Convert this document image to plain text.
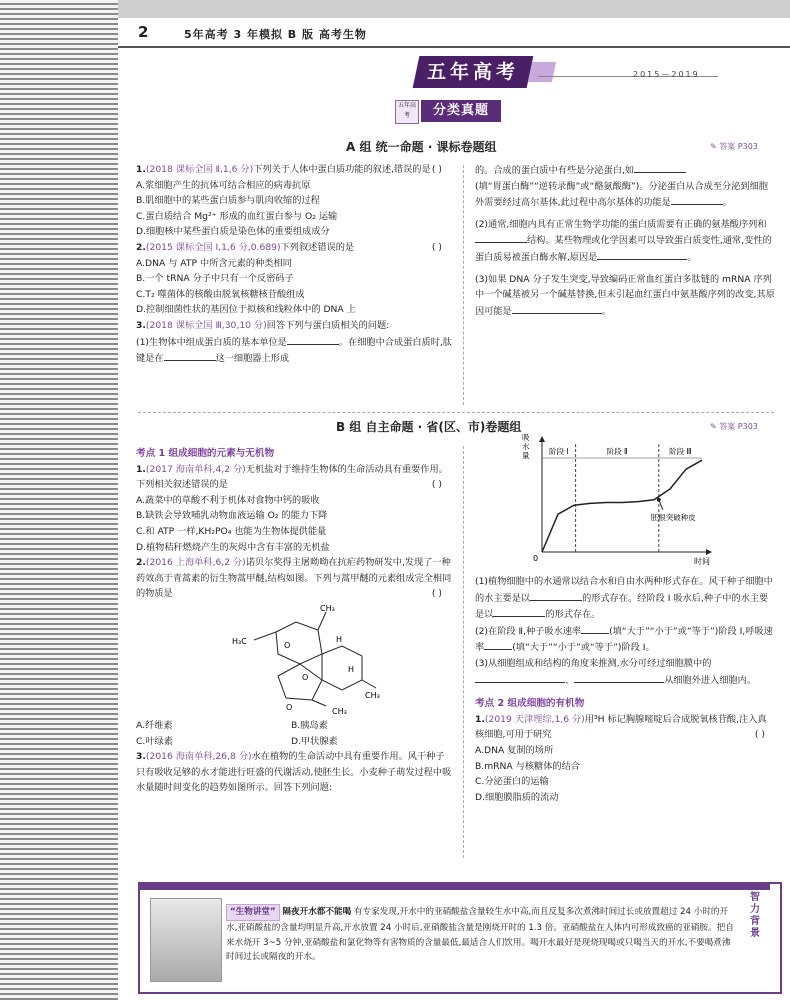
2	5年高考 3 年模拟 B 版 高考生物
五年高考	2015—2019
五年高考	分类真题
A 组 统一命题 · 课标卷题组	✎ 答案 P303

1.(2018 课标全国 Ⅱ,1,6 分)下列关于人体中蛋白质功能的叙述,错误的是 ( )

A.浆细胞产生的抗体可结合相应的病毒抗原

B.肌细胞中的某些蛋白质参与肌肉收缩的过程

C.蛋白质结合 Mg²⁺ 形成的血红蛋白参与 O₂ 运输

D.细胞核中某些蛋白质是染色体的重要组成成分

2.(2015 课标全国 Ⅰ,1,6 分,0.689)下列叙述错误的是	( )

A.DNA 与 ATP 中所含元素的种类相同

B.一个 tRNA 分子中只有一个反密码子

C.T₂ 噬菌体的核酸由脱氧核糖核苷酸组成

D.控制细菌性状的基因位于拟核和线粒体中的 DNA 上

3.(2018 课标全国 Ⅲ,30,10 分)回答下列与蛋白质相关的问题:

(1)生物体中组成蛋白质的基本单位是	。在细胞中合成蛋白质时,肽键是在	这一细胞器上形成

的。合成的蛋白质中有些是分泌蛋白,如

(填“胃蛋白酶”“逆转录酶”或“酪氨酸酶”)。分泌蛋白从合成至分泌到细胞外需要经过高尔基体,此过程中高尔基体的功能是	。

(2)通常,细胞内具有正常生物学功能的蛋白质需要有正确的氨基酸序列和结构。某些物理或化学因素可以导致蛋白质变性,通常,变性的蛋白质易被蛋白酶水解,原因是	。

(3)如果 DNA 分子发生突变,导致编码正常血红蛋白多肽链的 mRNA 序列中一个碱基被另一个碱基替换,但未引起血红蛋白中氨基酸序列的改变,其原因可能是	。

B 组 自主命题 · 省(区、市)卷题组	✎ 答案 P303

考点 1 组成细胞的元素与无机物

1.(2017 海南单科,4,2 分)无机盐对于维持生物体的生命活动具有重要作用。下列相关叙述错误的是	( )

A.蔬菜中的草酸不利于机体对食物中钙的吸收

B.缺铁会导致哺乳动物血液运输 O₂ 的能力下降

C.和 ATP 一样,KH₂PO₄ 也能为生物体提供能量

D.植物秸秆燃烧产生的灰烬中含有丰富的无机盐

2.(2016 上海单科,6,2 分)诺贝尔奖得主屠呦呦在抗疟药物研发中,发现了一种药效高于青蒿素的衍生物蒿甲醚,结构如图。下列与蒿甲醚的元素组成完全相同的物质是	( )

CH₃
H₃C
CH₃
CH₃
O
O
O
H
H

A.纤维素	B.胰岛素

C.叶绿素	D.甲状腺素

3.(2016 海南单科,26,8 分)水在植物的生命活动中具有重要作用。风干种子只有吸收足够的水才能进行旺盛的代谢活动,使胚生长。小麦种子萌发过程中吸水量随时间变化的趋势如图所示。回答下列问题:

吸
水
量
时间
0
阶段 Ⅰ	阶段 Ⅱ	阶段 Ⅲ
胚根突破种皮

(1)植物细胞中的水通常以结合水和自由水两种形式存在。风干种子细胞中的水主要是以	的形式存在。经阶段 Ⅰ 吸水后,种子中的水主要是以	的形式存在。

(2)在阶段 Ⅱ,种子吸水速率	(填“大于”“小于”或“等于”)阶段 Ⅰ,呼吸速率	(填“大于”“小于”或“等于”)阶段 Ⅰ。

(3)从细胞组成和结构的角度来推测,水分可经过细胞膜中的、	从细胞外进入细胞内。

考点 2 组成细胞的有机物

1.(2019 天津理综,1,6 分)用³H 标记胸腺嘧啶后合成脱氧核苷酸,注入真核细胞,可用于研究	( )

A.DNA 复制的场所

B.mRNA 与核糖体的结合

C.分泌蛋白的运输

D.细胞膜脂质的流动

智力背景
“生物讲堂” 隔夜开水都不能喝 有专家发现,开水中的亚硝酸盐含量较生水中高,而且反复多次煮沸时间过长或放置超过 24 小时的开水,亚硝酸盐的含量均明显升高,开水放置 24 小时后,亚硝酸盐含量是刚烧开时的 1.3 倍。亚硝酸盐在人体内可形成致癌的亚硝胺。把自来水烧开 3~5 分钟,亚硝酸盐和氯化物等有害物质的含量最低,最适合人们饮用。喝开水最好是现烧现喝或只喝当天的开水,不要喝煮沸时间过长或隔夜的开水。
